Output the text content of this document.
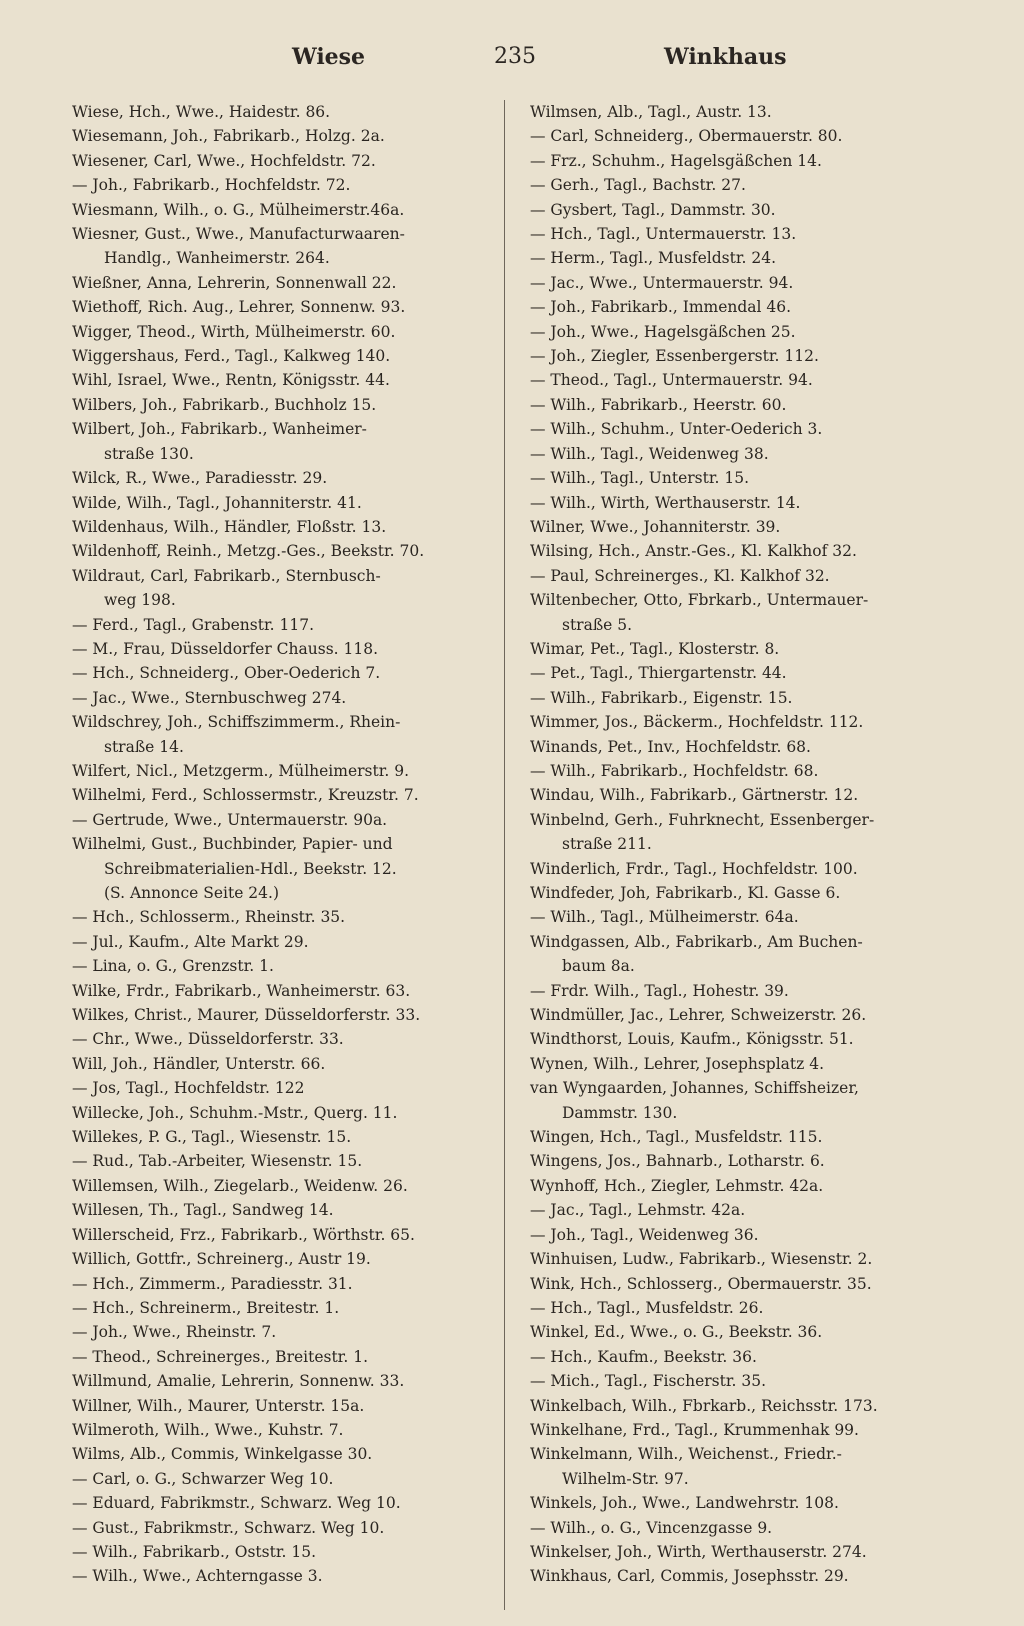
Wiese	235	Winkhaus
Wiese, Hch., Wwe., Haidestr. 86.
Wiesemann, Joh., Fabrikarb., Holzg. 2a.
Wiesener, Carl, Wwe., Hochfeldstr. 72.
— Joh., Fabrikarb., Hochfeldstr. 72.
Wiesmann, Wilh., o. G., Mülheimerstr.46a.
Wiesner, Gust., Wwe., Manufacturwaaren-
Handlg., Wanheimerstr. 264.
Wießner, Anna, Lehrerin, Sonnenwall 22.
Wiethoff, Rich. Aug., Lehrer, Sonnenw. 93.
Wigger, Theod., Wirth, Mülheimerstr. 60.
Wiggershaus, Ferd., Tagl., Kalkweg 140.
Wihl, Israel, Wwe., Rentn, Königsstr. 44.
Wilbers, Joh., Fabrikarb., Buchholz 15.
Wilbert, Joh., Fabrikarb., Wanheimer-
straße 130.
Wilck, R., Wwe., Paradiesstr. 29.
Wilde, Wilh., Tagl., Johanniterstr. 41.
Wildenhaus, Wilh., Händler, Floßstr. 13.
Wildenhoff, Reinh., Metzg.-Ges., Beekstr. 70.
Wildraut, Carl, Fabrikarb., Sternbusch-
weg 198.
— Ferd., Tagl., Grabenstr. 117.
— M., Frau, Düsseldorfer Chauss. 118.
— Hch., Schneiderg., Ober-Oederich 7.
— Jac., Wwe., Sternbuschweg 274.
Wildschrey, Joh., Schiffszimmerm., Rhein-
straße 14.
Wilfert, Nicl., Metzgerm., Mülheimerstr. 9.
Wilhelmi, Ferd., Schlossermstr., Kreuzstr. 7.
— Gertrude, Wwe., Untermauerstr. 90a.
Wilhelmi, Gust., Buchbinder, Papier- und
Schreibmaterialien-Hdl., Beekstr. 12.
(S. Annonce Seite 24.)
— Hch., Schlosserm., Rheinstr. 35.
— Jul., Kaufm., Alte Markt 29.
— Lina, o. G., Grenzstr. 1.
Wilke, Frdr., Fabrikarb., Wanheimerstr. 63.
Wilkes, Christ., Maurer, Düsseldorferstr. 33.
— Chr., Wwe., Düsseldorferstr. 33.
Will, Joh., Händler, Unterstr. 66.
— Jos, Tagl., Hochfeldstr. 122
Willecke, Joh., Schuhm.-Mstr., Querg. 11.
Willekes, P. G., Tagl., Wiesenstr. 15.
— Rud., Tab.-Arbeiter, Wiesenstr. 15.
Willemsen, Wilh., Ziegelarb., Weidenw. 26.
Willesen, Th., Tagl., Sandweg 14.
Willerscheid, Frz., Fabrikarb., Wörthstr. 65.
Willich, Gottfr., Schreinerg., Austr 19.
— Hch., Zimmerm., Paradiesstr. 31.
— Hch., Schreinerm., Breitestr. 1.
— Joh., Wwe., Rheinstr. 7.
— Theod., Schreinerges., Breitestr. 1.
Willmund, Amalie, Lehrerin, Sonnenw. 33.
Willner, Wilh., Maurer, Unterstr. 15a.
Wilmeroth, Wilh., Wwe., Kuhstr. 7.
Wilms, Alb., Commis, Winkelgasse 30.
— Carl, o. G., Schwarzer Weg 10.
— Eduard, Fabrikmstr., Schwarz. Weg 10.
— Gust., Fabrikmstr., Schwarz. Weg 10.
— Wilh., Fabrikarb., Oststr. 15.
— Wilh., Wwe., Achterngasse 3.
Wilmsen, Alb., Tagl., Austr. 13.
— Carl, Schneiderg., Obermauerstr. 80.
— Frz., Schuhm., Hagelsgäßchen 14.
— Gerh., Tagl., Bachstr. 27.
— Gysbert, Tagl., Dammstr. 30.
— Hch., Tagl., Untermauerstr. 13.
— Herm., Tagl., Musfeldstr. 24.
— Jac., Wwe., Untermauerstr. 94.
— Joh., Fabrikarb., Immendal 46.
— Joh., Wwe., Hagelsgäßchen 25.
— Joh., Ziegler, Essenbergerstr. 112.
— Theod., Tagl., Untermauerstr. 94.
— Wilh., Fabrikarb., Heerstr. 60.
— Wilh., Schuhm., Unter-Oederich 3.
— Wilh., Tagl., Weidenweg 38.
— Wilh., Tagl., Unterstr. 15.
— Wilh., Wirth, Werthauserstr. 14.
Wilner, Wwe., Johanniterstr. 39.
Wilsing, Hch., Anstr.-Ges., Kl. Kalkhof 32.
— Paul, Schreinerges., Kl. Kalkhof 32.
Wiltenbecher, Otto, Fbrkarb., Untermauer-
straße 5.
Wimar, Pet., Tagl., Klosterstr. 8.
— Pet., Tagl., Thiergartenstr. 44.
— Wilh., Fabrikarb., Eigenstr. 15.
Wimmer, Jos., Bäckerm., Hochfeldstr. 112.
Winands, Pet., Inv., Hochfeldstr. 68.
— Wilh., Fabrikarb., Hochfeldstr. 68.
Windau, Wilh., Fabrikarb., Gärtnerstr. 12.
Winbelnd, Gerh., Fuhrknecht, Essenberger-
straße 211.
Winderlich, Frdr., Tagl., Hochfeldstr. 100.
Windfeder, Joh, Fabrikarb., Kl. Gasse 6.
— Wilh., Tagl., Mülheimerstr. 64a.
Windgassen, Alb., Fabrikarb., Am Buchen-
baum 8a.
— Frdr. Wilh., Tagl., Hohestr. 39.
Windmüller, Jac., Lehrer, Schweizerstr. 26.
Windthorst, Louis, Kaufm., Königsstr. 51.
Wynen, Wilh., Lehrer, Josephsplatz 4.
van Wyngaarden, Johannes, Schiffsheizer,
Dammstr. 130.
Wingen, Hch., Tagl., Musfeldstr. 115.
Wingens, Jos., Bahnarb., Lotharstr. 6.
Wynhoff, Hch., Ziegler, Lehmstr. 42a.
— Jac., Tagl., Lehmstr. 42a.
— Joh., Tagl., Weidenweg 36.
Winhuisen, Ludw., Fabrikarb., Wiesenstr. 2.
Wink, Hch., Schlosserg., Obermauerstr. 35.
— Hch., Tagl., Musfeldstr. 26.
Winkel, Ed., Wwe., o. G., Beekstr. 36.
— Hch., Kaufm., Beekstr. 36.
— Mich., Tagl., Fischerstr. 35.
Winkelbach, Wilh., Fbrkarb., Reichsstr. 173.
Winkelhane, Frd., Tagl., Krummenhak 99.
Winkelmann, Wilh., Weichenst., Friedr.-
Wilhelm-Str. 97.
Winkels, Joh., Wwe., Landwehrstr. 108.
— Wilh., o. G., Vincenzgasse 9.
Winkelser, Joh., Wirth, Werthauserstr. 274.
Winkhaus, Carl, Commis, Josephsstr. 29.
